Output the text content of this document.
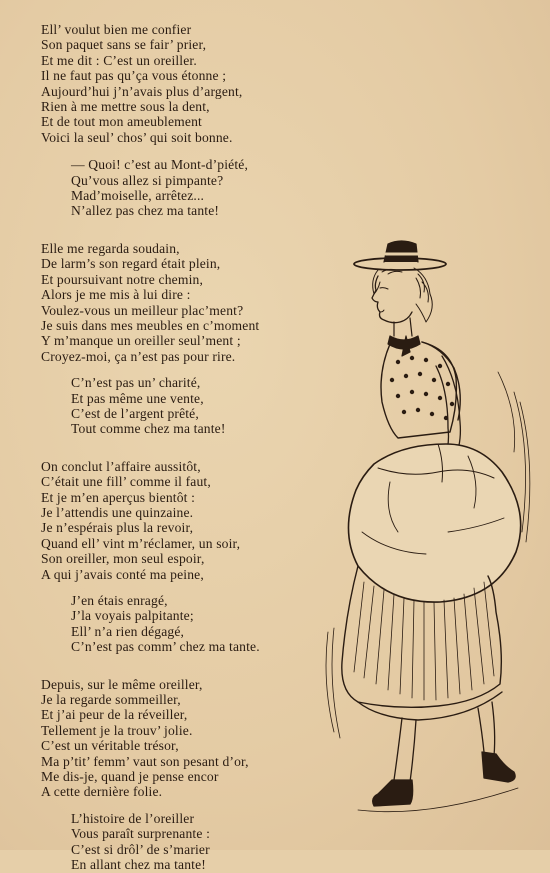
Ell’ voulut bien me confier
Son paquet sans se fair’ prier,
Et me dit : C’est un oreiller.
Il ne faut pas qu’ça vous étonne ;
Aujourd’hui j’n’avais plus d’argent,
Rien à me mettre sous la dent,
Et de tout mon ameublement
Voici la seul’ chos’ qui soit bonne.
— Quoi! c’est au Mont-d’piété,
Qu’vous allez si pimpante?
Mad’moiselle, arrêtez...
N’allez pas chez ma tante!
Elle me regarda soudain,
De larm’s son regard était plein,
Et poursuivant notre chemin,
Alors je me mis à lui dire :
Voulez-vous un meilleur plac’ment?
Je suis dans mes meubles en c’moment
Y m’manque un oreiller seul’ment ;
Croyez-moi, ça n’est pas pour rire.
C’n’est pas un’ charité,
Et pas même une vente,
C’est de l’argent prêté,
Tout comme chez ma tante!
On conclut l’affaire aussitôt,
C’était une fill’ comme il faut,
Et je m’en aperçus bientôt :
Je l’attendis une quinzaine.
Je n’espérais plus la revoir,
Quand ell’ vint m’réclamer, un soir,
Son oreiller, mon seul espoir,
A qui j’avais conté ma peine,
J’en étais enragé,
J’la voyais palpitante;
Ell’ n’a rien dégagé,
C’n’est pas comm’ chez ma tante.
Depuis, sur le même oreiller,
Je la regarde sommeiller,
Et j’ai peur de la réveiller,
Tellement je la trouv’ jolie.
C’est un véritable trésor,
Ma p’tit’ femm’ vaut son pesant d’or,
Me dis-je, quand je pense encor
A cette dernière folie.
L’histoire de l’oreiller
Vous paraît surprenante :
C’est si drôl’ de s’marier
En allant chez ma tante!
